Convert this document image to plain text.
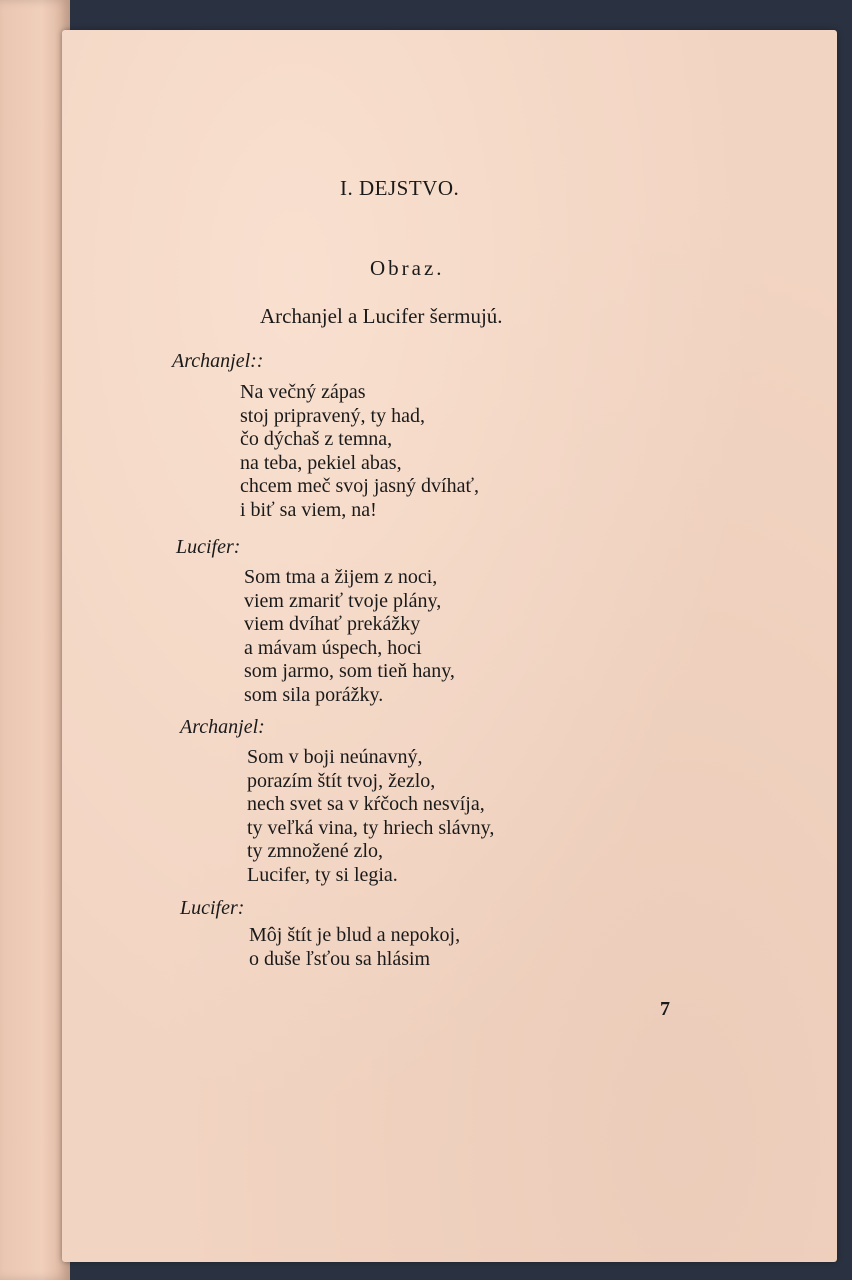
I. DEJSTVO.
Obraz.
Archanjel a Lucifer šermujú.
Archanjel::
Na večný zápas
stoj pripravený, ty had,
čo dýchaš z temna,
na teba, pekiel abas,
chcem meč svoj jasný dvíhať,
i biť sa viem, na!
Lucifer:
Som tma a žijem z noci,
viem zmariť tvoje plány,
viem dvíhať prekážky
a mávam úspech, hoci
som jarmo, som tieň hany,
som sila porážky.
Archanjel:
Som v boji neúnavný,
porazím štít tvoj, žezlo,
nech svet sa v kŕčoch nesvíja,
ty veľká vina, ty hriech slávny,
ty zmnožené zlo,
Lucifer, ty si legia.
Lucifer:
Môj štít je blud a nepokoj,
o duše ľsťou sa hlásim
7
